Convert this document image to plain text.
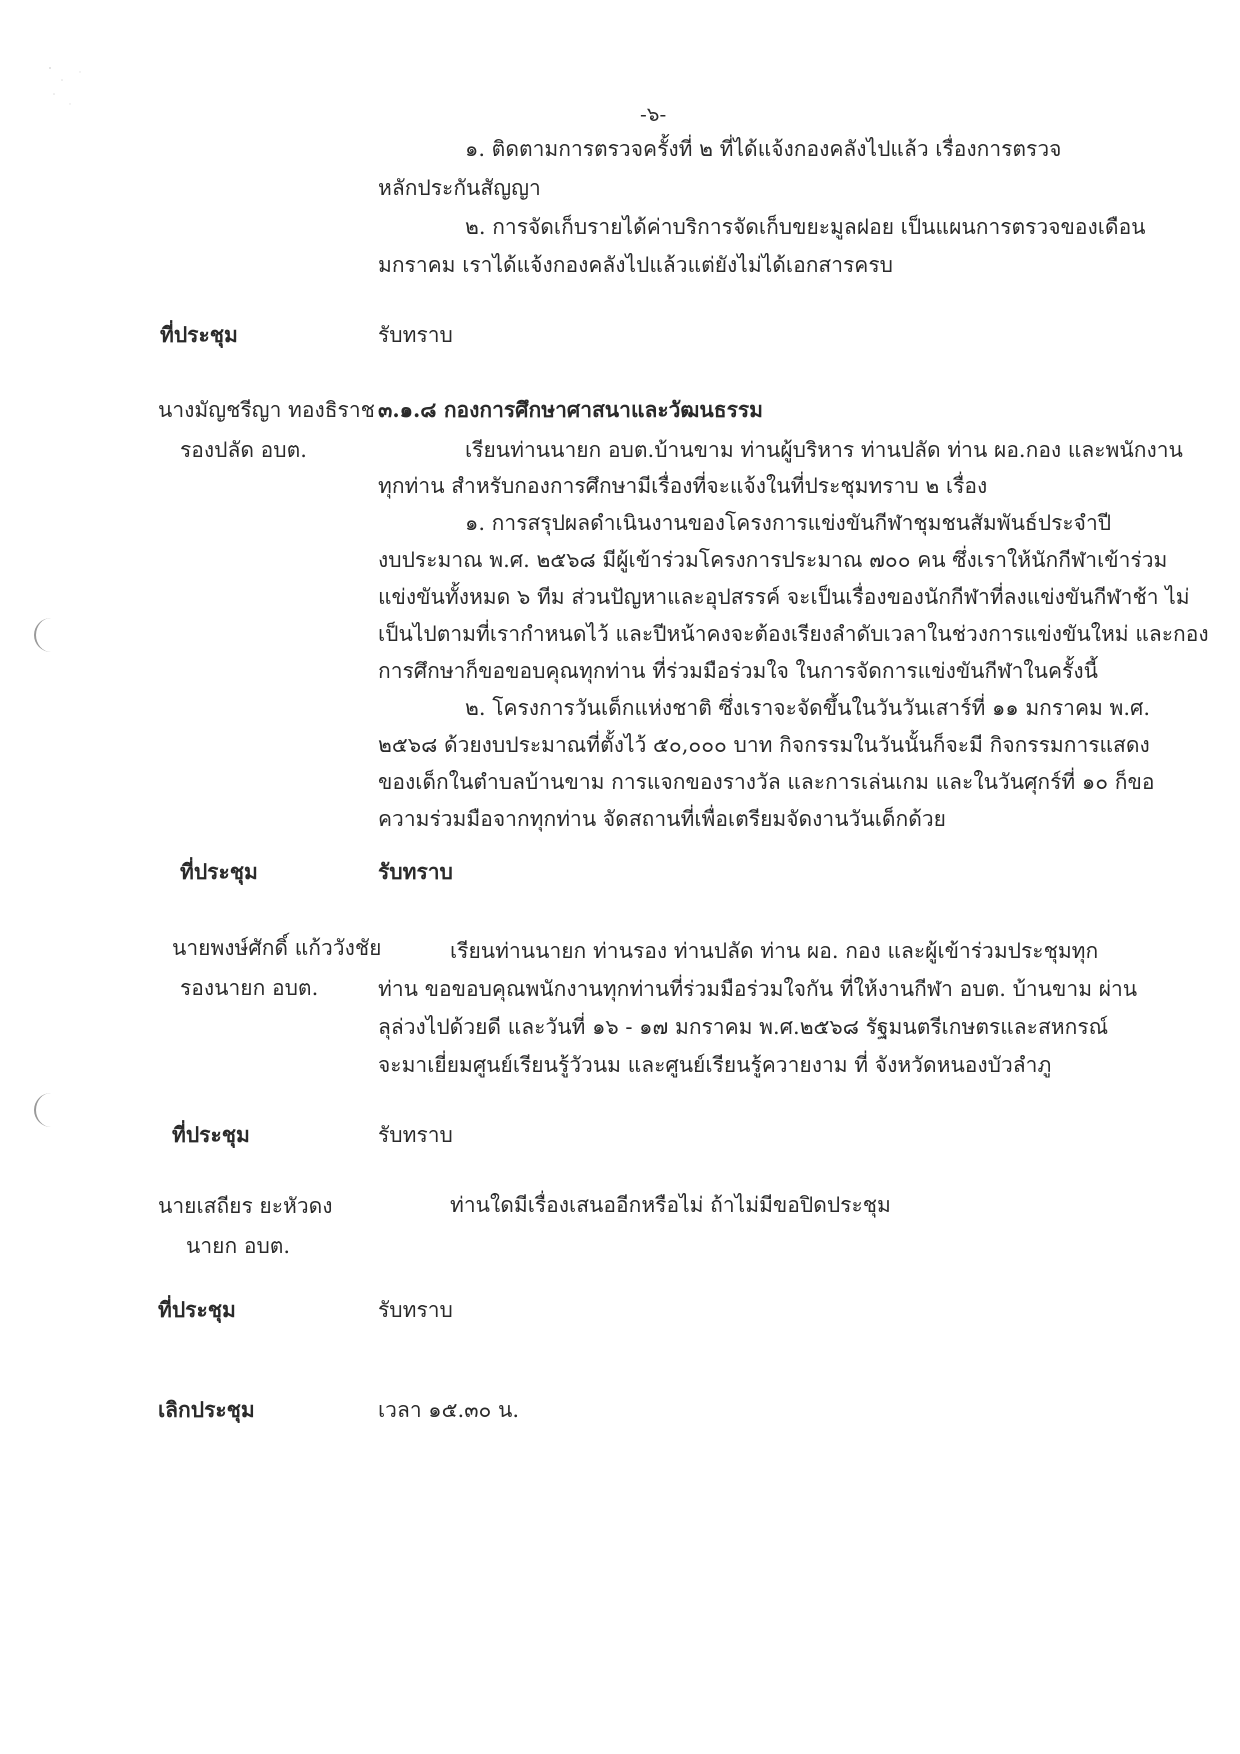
-๖-
๑. ติดตามการตรวจครั้งที่ ๒ ที่ได้แจ้งกองคลังไปแล้ว เรื่องการตรวจ
หลักประกันสัญญา
๒. การจัดเก็บรายได้ค่าบริการจัดเก็บขยะมูลฝอย เป็นแผนการตรวจของเดือน
มกราคม เราได้แจ้งกองคลังไปแล้วแต่ยังไม่ได้เอกสารครบ
ที่ประชุม	รับทราบ
นางมัญชรีญา ทองธิราช
รองปลัด อบต.
๓.๑.๘ กองการศึกษาศาสนาและวัฒนธรรม
เรียนท่านนายก อบต.บ้านขาม ท่านผู้บริหาร ท่านปลัด ท่าน ผอ.กอง และพนักงาน
ทุกท่าน สำหรับกองการศึกษามีเรื่องที่จะแจ้งในที่ประชุมทราบ ๒ เรื่อง
๑. การสรุปผลดำเนินงานของโครงการแข่งขันกีฬาชุมชนสัมพันธ์ประจำปี
งบประมาณ พ.ศ. ๒๕๖๘ มีผู้เข้าร่วมโครงการประมาณ ๗๐๐ คน ซึ่งเราให้นักกีฬาเข้าร่วม
แข่งขันทั้งหมด ๖ ทีม ส่วนปัญหาและอุปสรรค์ จะเป็นเรื่องของนักกีฬาที่ลงแข่งขันกีฬาช้า ไม่
เป็นไปตามที่เรากำหนดไว้ และปีหน้าคงจะต้องเรียงลำดับเวลาในช่วงการแข่งขันใหม่ และกอง
การศึกษาก็ขอขอบคุณทุกท่าน ที่ร่วมมือร่วมใจ ในการจัดการแข่งขันกีฬาในครั้งนี้
๒. โครงการวันเด็กแห่งชาติ ซึ่งเราจะจัดขึ้นในวันวันเสาร์ที่ ๑๑ มกราคม พ.ศ.
๒๕๖๘ ด้วยงบประมาณที่ตั้งไว้ ๕๐,๐๐๐ บาท กิจกรรมในวันนั้นก็จะมี กิจกรรมการแสดง
ของเด็กในตำบลบ้านขาม การแจกของรางวัล และการเล่นเกม และในวันศุกร์ที่ ๑๐ ก็ขอ
ความร่วมมือจากทุกท่าน จัดสถานที่เพื่อเตรียมจัดงานวันเด็กด้วย
ที่ประชุม	รับทราบ
นายพงษ์ศักดิ์ แก้ววังชัย
รองนายก อบต.
เรียนท่านนายก ท่านรอง ท่านปลัด ท่าน ผอ. กอง และผู้เข้าร่วมประชุมทุก
ท่าน ขอขอบคุณพนักงานทุกท่านที่ร่วมมือร่วมใจกัน ที่ให้งานกีฬา อบต. บ้านขาม ผ่าน
ลุล่วงไปด้วยดี และวันที่ ๑๖ - ๑๗ มกราคม พ.ศ.๒๕๖๘ รัฐมนตรีเกษตรและสหกรณ์
จะมาเยี่ยมศูนย์เรียนรู้วัวนม และศูนย์เรียนรู้ควายงาม ที่ จังหวัดหนองบัวลำภู
ที่ประชุม	รับทราบ
นายเสถียร ยะหัวดง
นายก อบต.
ท่านใดมีเรื่องเสนออีกหรือไม่ ถ้าไม่มีขอปิดประชุม
ที่ประชุม	รับทราบ
เลิกประชุม	เวลา ๑๕.๓๐ น.
